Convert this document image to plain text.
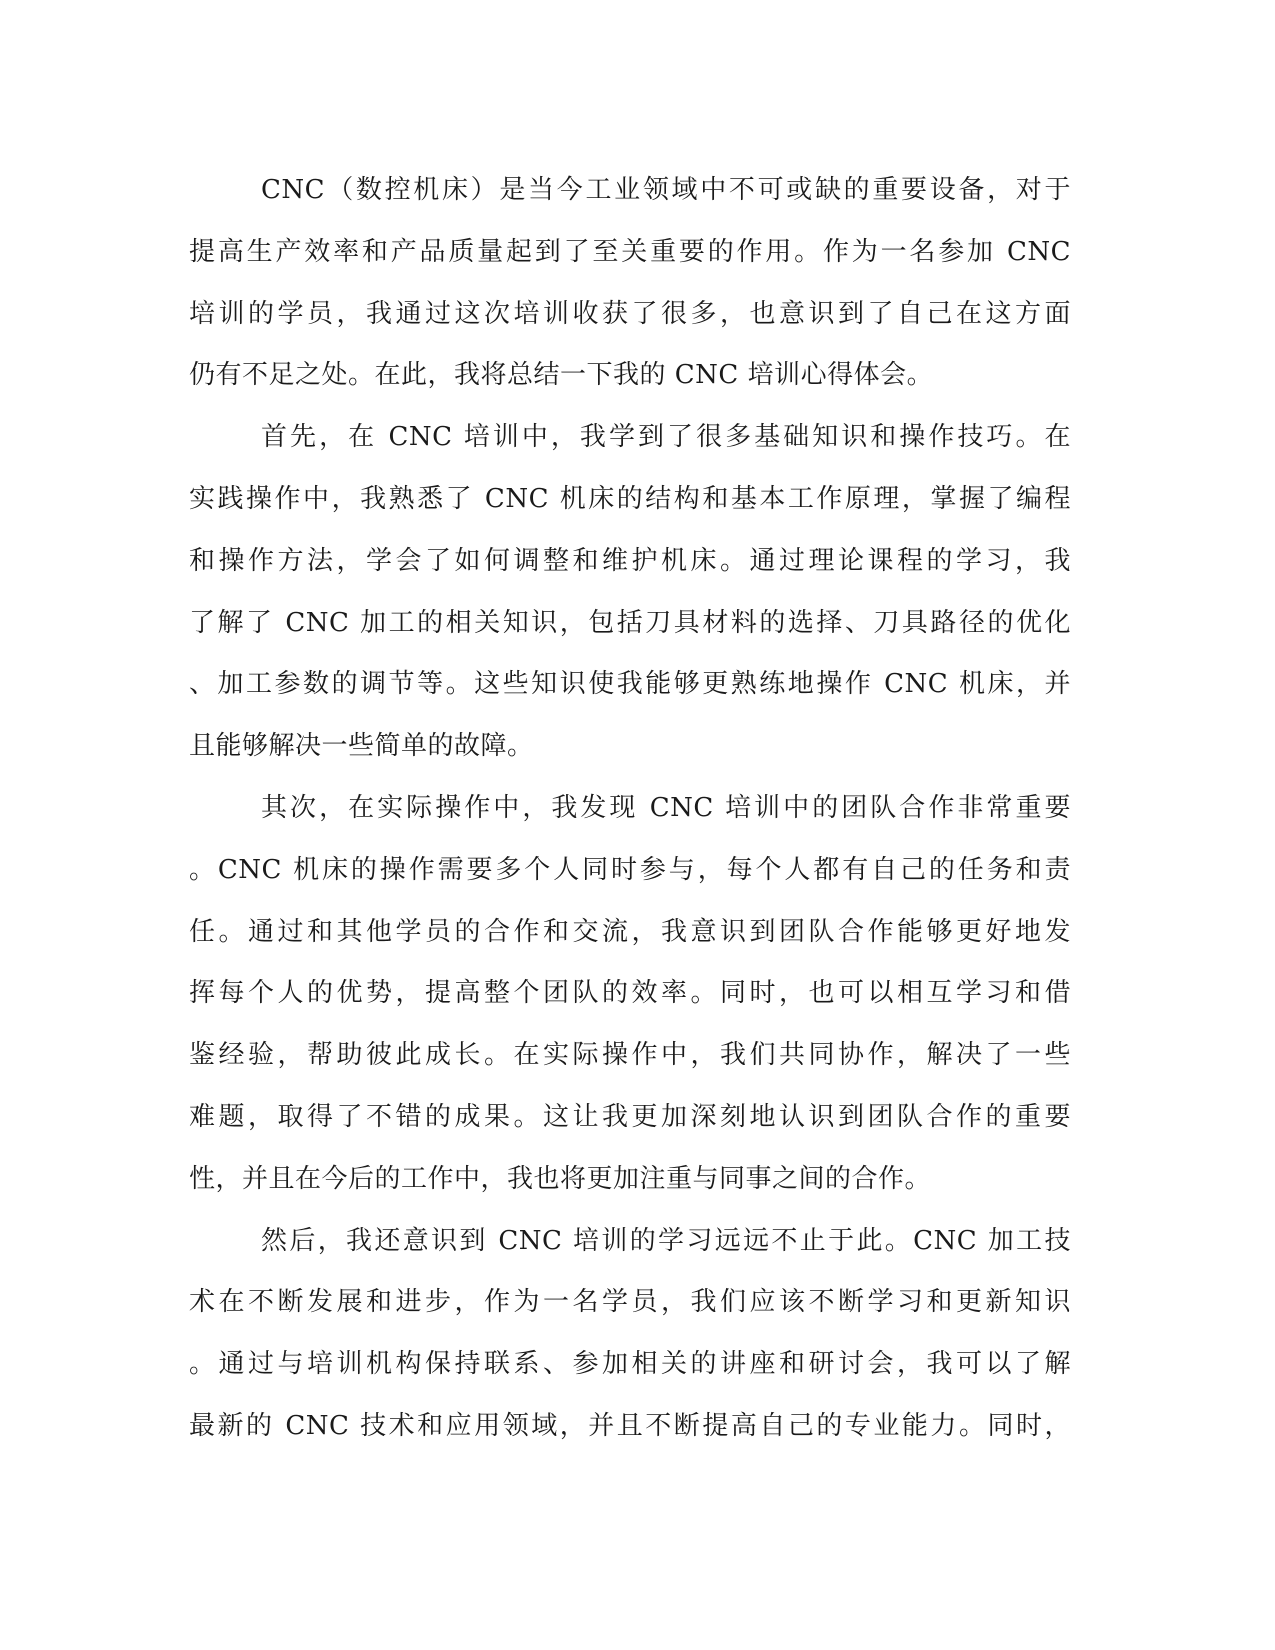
CNC（数控机床）是当今工业领域中不可或缺的重要设备，对于
提高生产效率和产品质量起到了至关重要的作用。作为一名参加 CNC
培训的学员，我通过这次培训收获了很多，也意识到了自己在这方面
仍有不足之处。在此，我将总结一下我的 CNC 培训心得体会。
首先，在 CNC 培训中，我学到了很多基础知识和操作技巧。在
实践操作中，我熟悉了 CNC 机床的结构和基本工作原理，掌握了编程
和操作方法，学会了如何调整和维护机床。通过理论课程的学习，我
了解了 CNC 加工的相关知识，包括刀具材料的选择、刀具路径的优化
、加工参数的调节等。这些知识使我能够更熟练地操作 CNC 机床，并
且能够解决一些简单的故障。
其次，在实际操作中，我发现 CNC 培训中的团队合作非常重要
。CNC 机床的操作需要多个人同时参与，每个人都有自己的任务和责
任。通过和其他学员的合作和交流，我意识到团队合作能够更好地发
挥每个人的优势，提高整个团队的效率。同时，也可以相互学习和借
鉴经验，帮助彼此成长。在实际操作中，我们共同协作，解决了一些
难题，取得了不错的成果。这让我更加深刻地认识到团队合作的重要
性，并且在今后的工作中，我也将更加注重与同事之间的合作。
然后，我还意识到 CNC 培训的学习远远不止于此。CNC 加工技
术在不断发展和进步，作为一名学员，我们应该不断学习和更新知识
。通过与培训机构保持联系、参加相关的讲座和研讨会，我可以了解
最新的 CNC 技术和应用领域，并且不断提高自己的专业能力。同时，
